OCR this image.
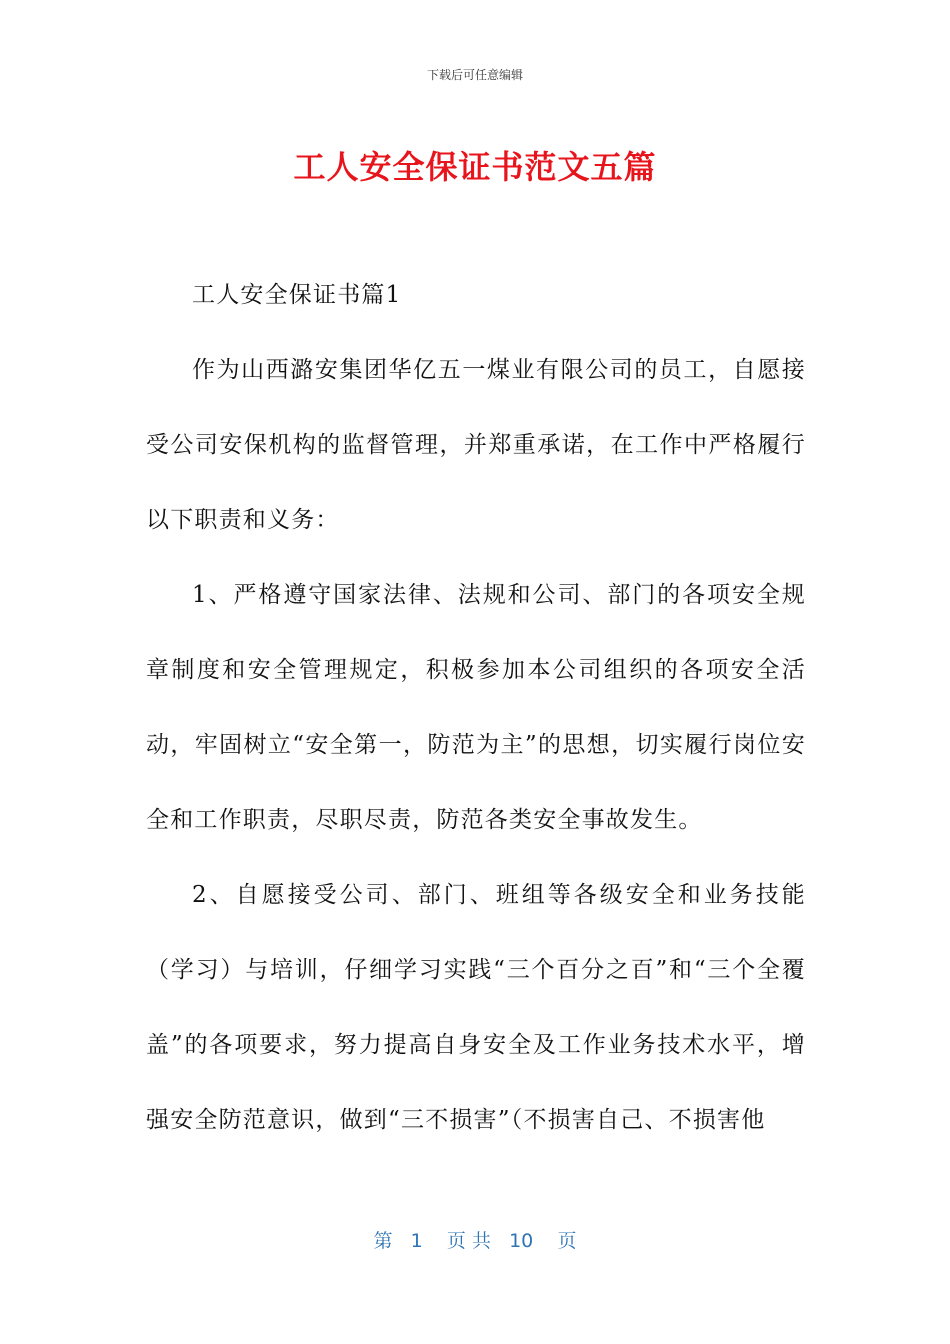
下载后可任意编辑
工人安全保证书范文五篇

工人安全保证书篇1

作为山西潞安集团华亿五一煤业有限公司的员工，自愿接受公司安保机构的监督管理，并郑重承诺，在工作中严格履行以下职责和义务：

1、严格遵守国家法律、法规和公司、部门的各项安全规章制度和安全管理规定，积极参加本公司组织的各项安全活动，牢固树立“安全第一，防范为主”的思想，切实履行岗位安全和工作职责，尽职尽责，防范各类安全事故发生。

2、自愿接受公司、部门、班组等各级安全和业务技能（学习）与培训，仔细学习实践“三个百分之百”和“三个全覆盖”的各项要求，努力提高自身安全及工作业务技术水平，增强安全防范意识，做到“三不损害”（不损害自己、不损害他

第 1 页 共 10 页
